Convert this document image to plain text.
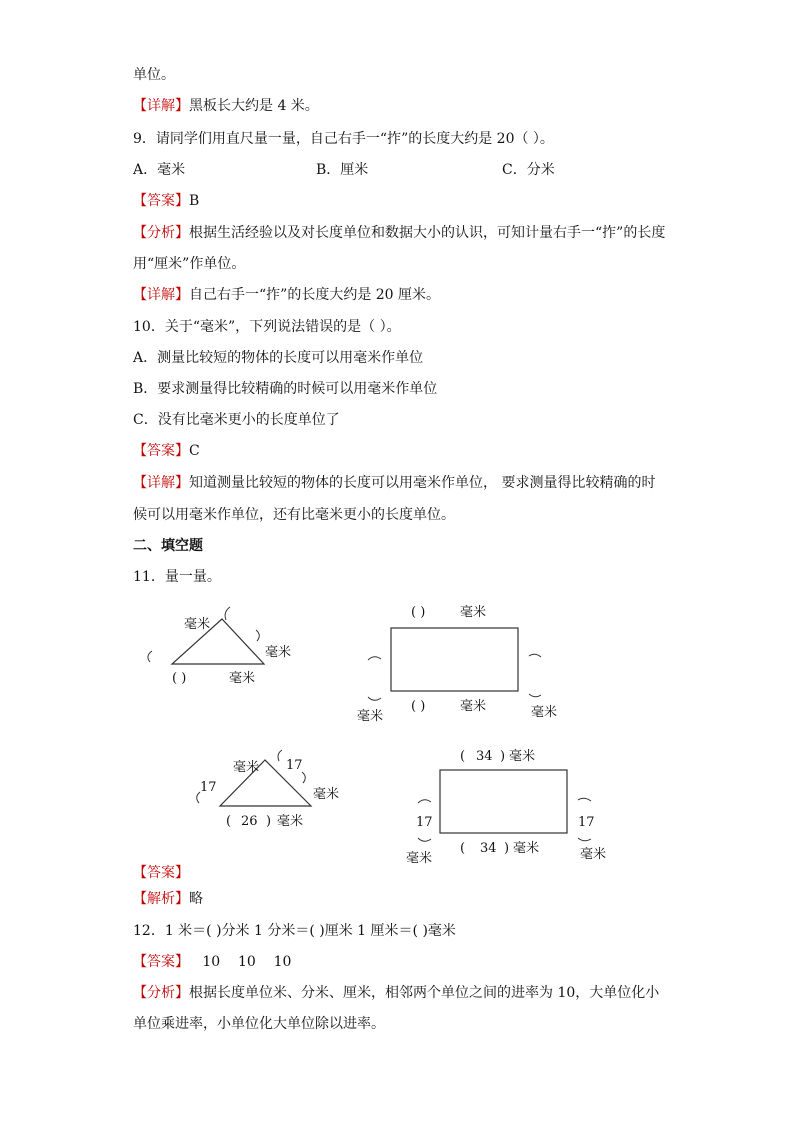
单位。
【详解】黑板长大约是 4 米。
9．请同学们用直尺量一量，自己右手一“拃”的长度大约是 20（ ）。
A．毫米	B．厘米	C．分米
【答案】B
【分析】根据生活经验以及对长度单位和数据大小的认识，可知计量右手一“拃”的长度
用“厘米”作单位。
【详解】自己右手一“拃”的长度大约是 20 厘米。
10．关于“毫米”，下列说法错误的是（ ）。
A．测量比较短的物体的长度可以用毫米作单位
B．要求测量得比较精确的时候可以用毫米作单位
C．没有比毫米更小的长度单位了
【答案】C
【详解】知道测量比较短的物体的长度可以用毫米作单位， 要求测量得比较精确的时
候可以用毫米作单位，还有比毫米更小的长度单位。
二、填空题
11．量一量。
毫米
毫米
毫米
( )
( )	毫米
( )	毫米
毫米	毫米
毫米 17
17	毫米
( 26 ) 毫米
( 34 ) 毫米
17	17
( 34 ) 毫米
毫米	毫米
【答案】
【解析】略
12．1 米＝( )分米 1 分米＝( )厘米 1 厘米＝( )毫米
【答案】   10    10    10
【分析】根据长度单位米、分米、厘米，相邻两个单位之间的进率为 10，大单位化小
单位乘进率，小单位化大单位除以进率。
